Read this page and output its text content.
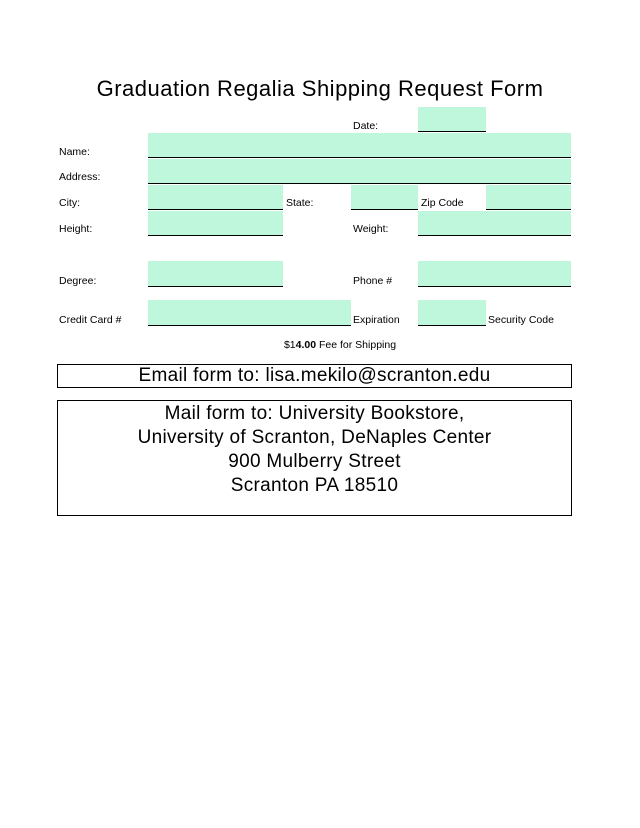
Graduation Regalia Shipping Request Form
Date:
Name:
Address:
City:	State:	Zip Code
Height:	Weight:
Degree:	Phone #
Credit Card #	Expiration	Security Code
$14.00 Fee for Shipping
Email form to: lisa.mekilo@scranton.edu
Mail form to: University Bookstore,
University of Scranton, DeNaples Center
900 Mulberry Street
Scranton PA 18510
